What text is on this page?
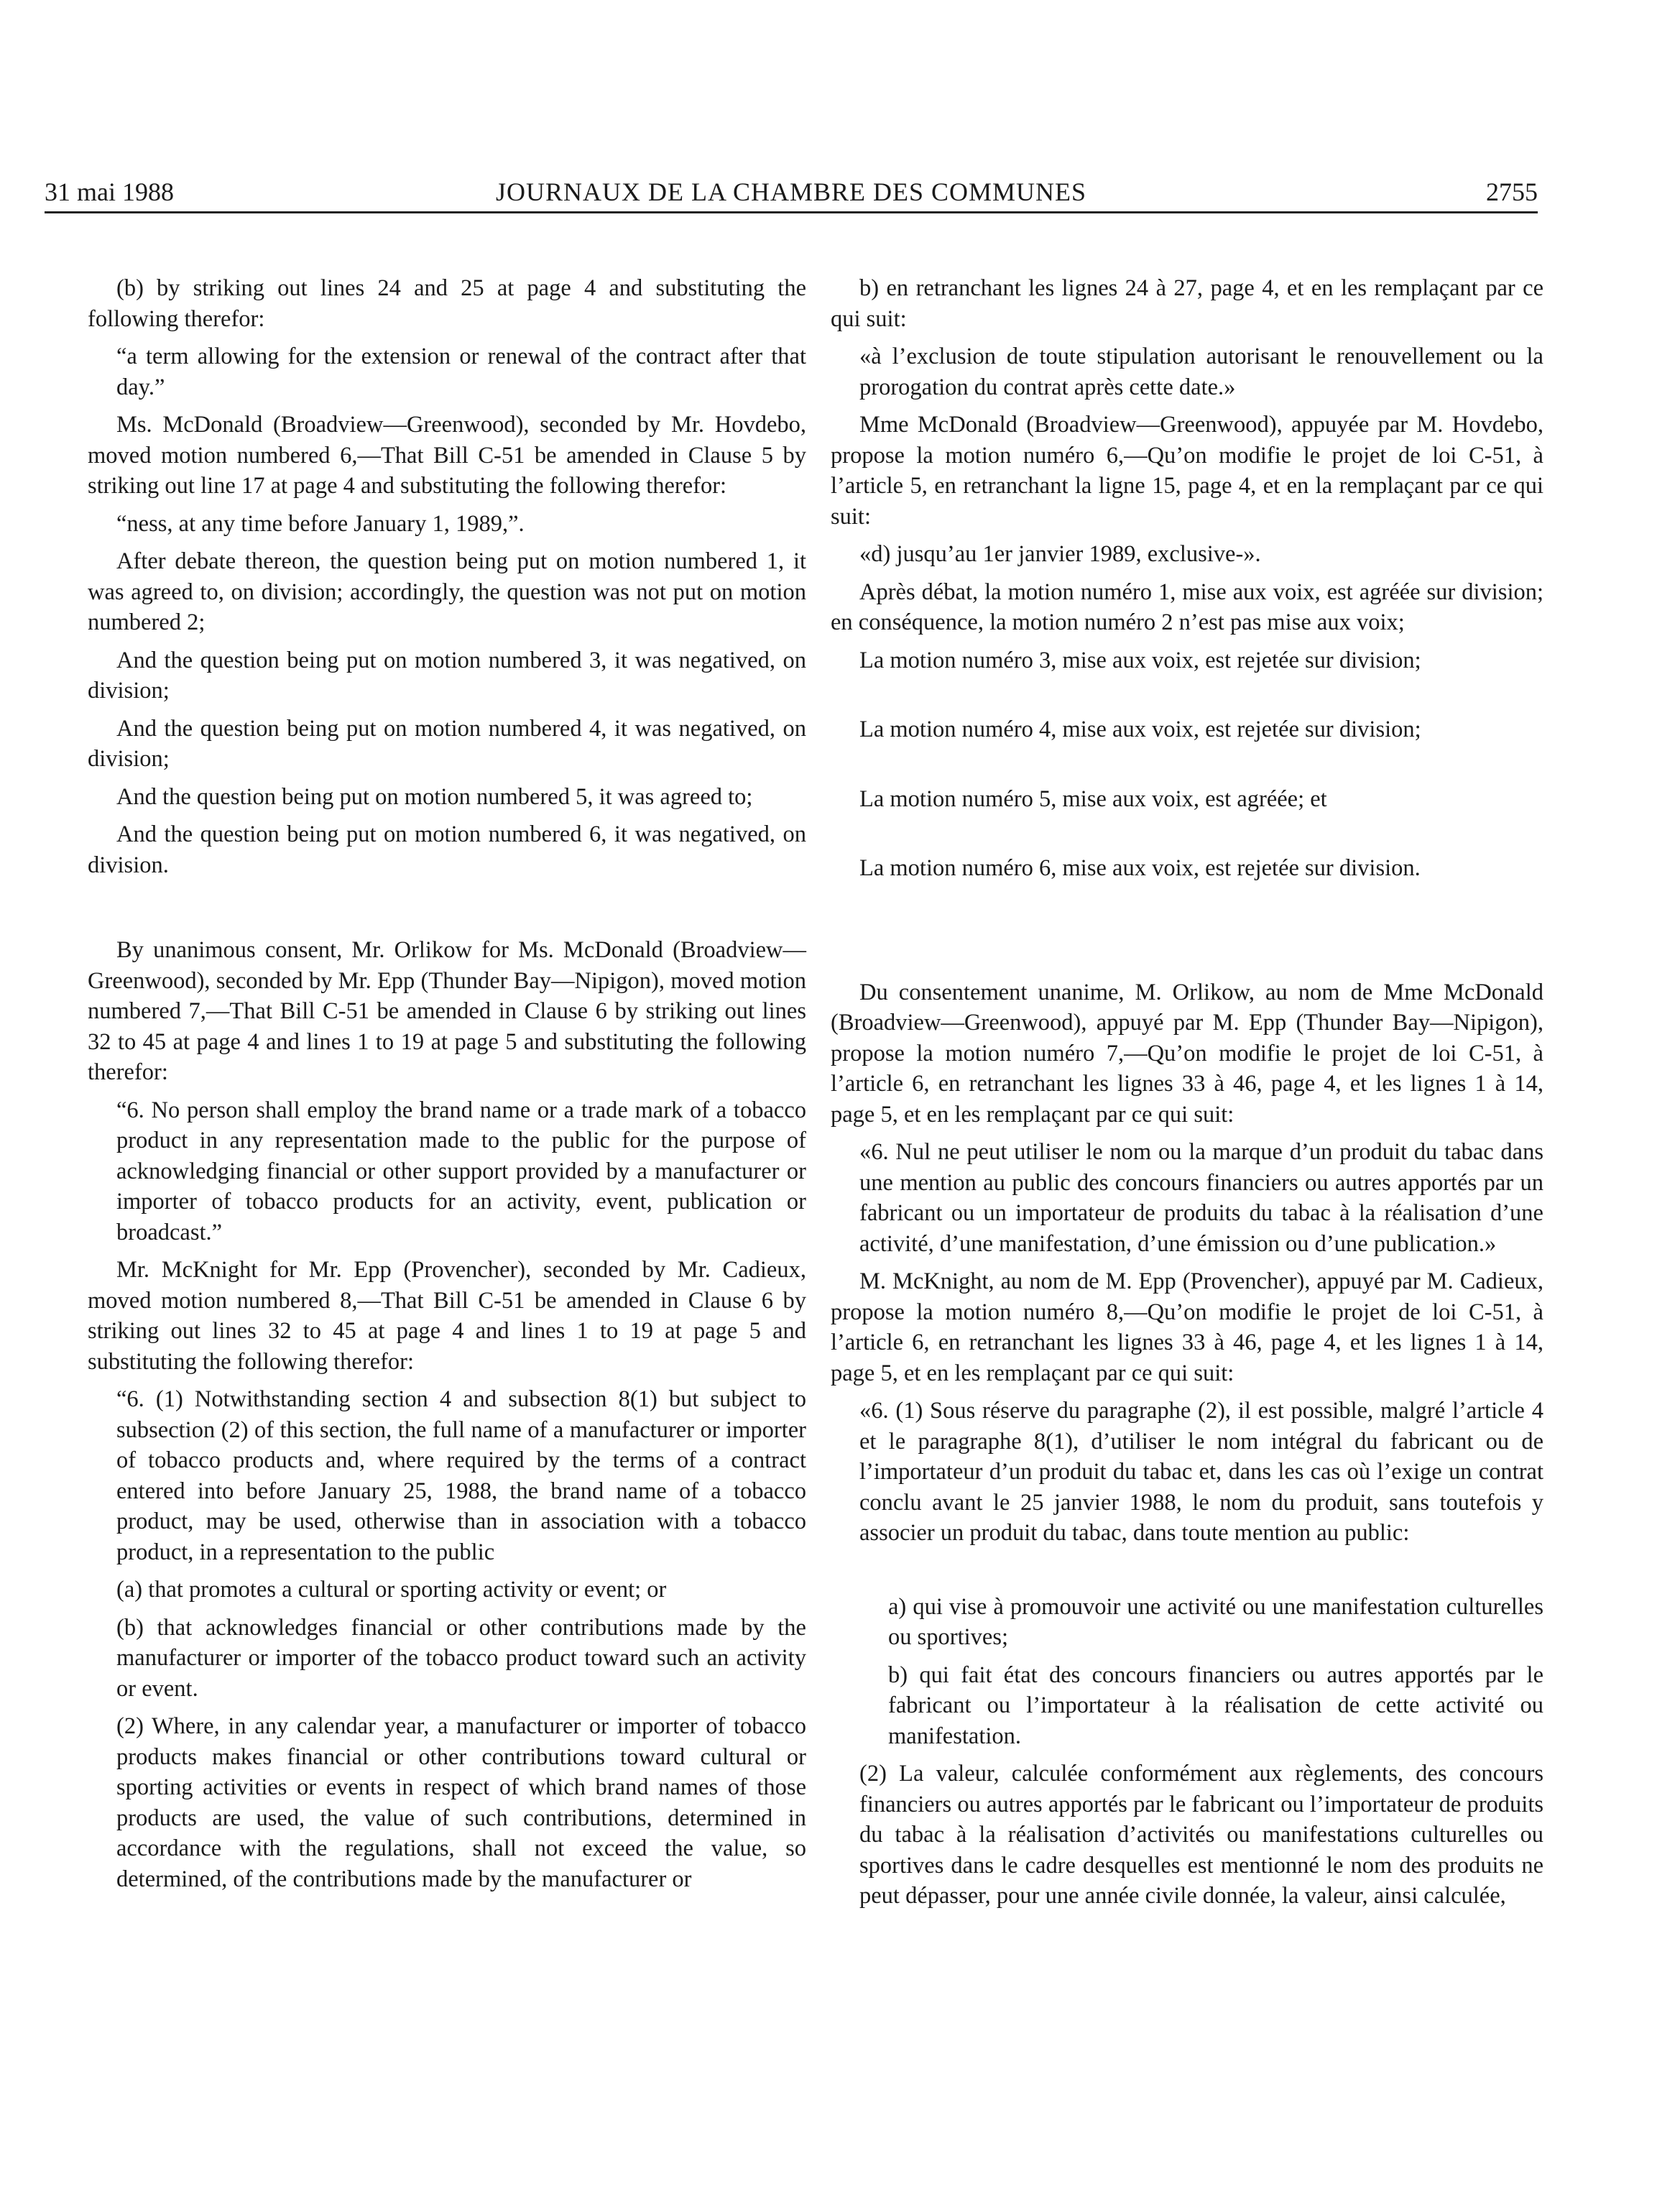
31 mai 1988	JOURNAUX DE LA CHAMBRE DES COMMUNES	2755

(b) by striking out lines 24 and 25 at page 4 and substituting the following therefor:

“a term allowing for the extension or renewal of the contract after that day.”

Ms. McDonald (Broadview—Greenwood), seconded by Mr. Hovdebo, moved motion numbered 6,—That Bill C-51 be amended in Clause 5 by striking out line 17 at page 4 and substituting the following therefor:

“ness, at any time before January 1, 1989,”.

After debate thereon, the question being put on motion numbered 1, it was agreed to, on division; accordingly, the question was not put on motion numbered 2;

And the question being put on motion numbered 3, it was negatived, on division;

And the question being put on motion numbered 4, it was negatived, on division;

And the question being put on motion numbered 5, it was agreed to;

And the question being put on motion numbered 6, it was negatived, on division.

By unanimous consent, Mr. Orlikow for Ms. McDonald (Broadview—Greenwood), seconded by Mr. Epp (Thunder Bay—Nipigon), moved motion numbered 7,—That Bill C-51 be amended in Clause 6 by striking out lines 32 to 45 at page 4 and lines 1 to 19 at page 5 and substituting the following therefor:

“6. No person shall employ the brand name or a trade mark of a tobacco product in any representation made to the public for the purpose of acknowledging financial or other support provided by a manufacturer or importer of tobacco products for an activity, event, publication or broadcast.”

Mr. McKnight for Mr. Epp (Provencher), seconded by Mr. Cadieux, moved motion numbered 8,—That Bill C-51 be amended in Clause 6 by striking out lines 32 to 45 at page 4 and lines 1 to 19 at page 5 and substituting the following therefor:

“6. (1) Notwithstanding section 4 and subsection 8(1) but subject to subsection (2) of this section, the full name of a manufacturer or importer of tobacco products and, where required by the terms of a contract entered into before January 25, 1988, the brand name of a tobacco product, may be used, otherwise than in association with a tobacco product, in a representation to the public

(a) that promotes a cultural or sporting activity or event; or

(b) that acknowledges financial or other contributions made by the manufacturer or importer of the tobacco product toward such an activity or event.

(2) Where, in any calendar year, a manufacturer or importer of tobacco products makes financial or other contributions toward cultural or sporting activities or events in respect of which brand names of those products are used, the value of such contributions, determined in accordance with the regulations, shall not exceed the value, so determined, of the contributions made by the manufacturer or

b) en retranchant les lignes 24 à 27, page 4, et en les remplaçant par ce qui suit:

«à l’exclusion de toute stipulation autorisant le renouvellement ou la prorogation du contrat après cette date.»

Mme McDonald (Broadview—Greenwood), appuyée par M. Hovdebo, propose la motion numéro 6,—Qu’on modifie le projet de loi C-51, à l’article 5, en retranchant la ligne 15, page 4, et en la remplaçant par ce qui suit:

«d) jusqu’au 1er janvier 1989, exclusive-».

Après débat, la motion numéro 1, mise aux voix, est agréée sur division; en conséquence, la motion numéro 2 n’est pas mise aux voix;

La motion numéro 3, mise aux voix, est rejetée sur division;

La motion numéro 4, mise aux voix, est rejetée sur division;

La motion numéro 5, mise aux voix, est agréée; et

La motion numéro 6, mise aux voix, est rejetée sur division.

Du consentement unanime, M. Orlikow, au nom de Mme McDonald (Broadview—Greenwood), appuyé par M. Epp (Thunder Bay—Nipigon), propose la motion numéro 7,—Qu’on modifie le projet de loi C-51, à l’article 6, en retranchant les lignes 33 à 46, page 4, et les lignes 1 à 14, page 5, et en les remplaçant par ce qui suit:

«6. Nul ne peut utiliser le nom ou la marque d’un produit du tabac dans une mention au public des concours financiers ou autres apportés par un fabricant ou un importateur de produits du tabac à la réalisation d’une activité, d’une manifestation, d’une émission ou d’une publication.»

M. McKnight, au nom de M. Epp (Provencher), appuyé par M. Cadieux, propose la motion numéro 8,—Qu’on modifie le projet de loi C-51, à l’article 6, en retranchant les lignes 33 à 46, page 4, et les lignes 1 à 14, page 5, et en les remplaçant par ce qui suit:

«6. (1) Sous réserve du paragraphe (2), il est possible, malgré l’article 4 et le paragraphe 8(1), d’utiliser le nom intégral du fabricant ou de l’importateur d’un produit du tabac et, dans les cas où l’exige un contrat conclu avant le 25 janvier 1988, le nom du produit, sans toutefois y associer un produit du tabac, dans toute mention au public:

a) qui vise à promouvoir une activité ou une manifestation culturelles ou sportives;

b) qui fait état des concours financiers ou autres apportés par le fabricant ou l’importateur à la réalisation de cette activité ou manifestation.

(2) La valeur, calculée conformément aux règlements, des concours financiers ou autres apportés par le fabricant ou l’importateur de produits du tabac à la réalisation d’activités ou manifestations culturelles ou sportives dans le cadre desquelles est mentionné le nom des produits ne peut dépasser, pour une année civile donnée, la valeur, ainsi calculée,
